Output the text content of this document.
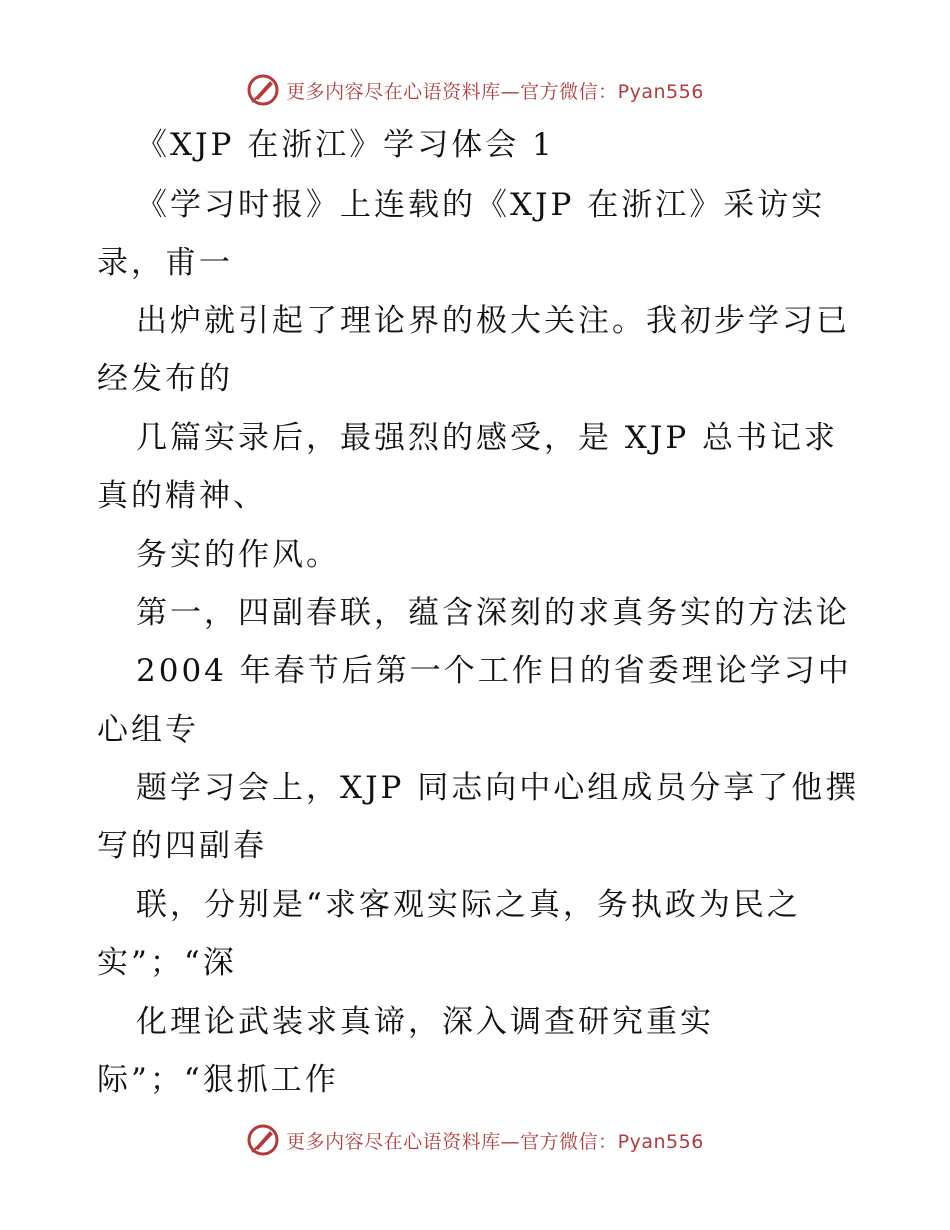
更多内容尽在心语资料库—官方微信：Pyan556
《XJP 在浙江》学习体会 1
《学习时报》上连载的《XJP 在浙江》采访实
录，甫一
出炉就引起了理论界的极大关注。我初步学习已
经发布的
几篇实录后，最强烈的感受，是 XJP 总书记求
真的精神、
务实的作风。
第一，四副春联，蕴含深刻的求真务实的方法论
2004 年春节后第一个工作日的省委理论学习中
心组专
题学习会上，XJP 同志向中心组成员分享了他撰
写的四副春
联，分别是“求客观实际之真，务执政为民之
实”；“深
化理论武装求真谛，深入调查研究重实
际”；“狠抓工作
更多内容尽在心语资料库—官方微信：Pyan556
